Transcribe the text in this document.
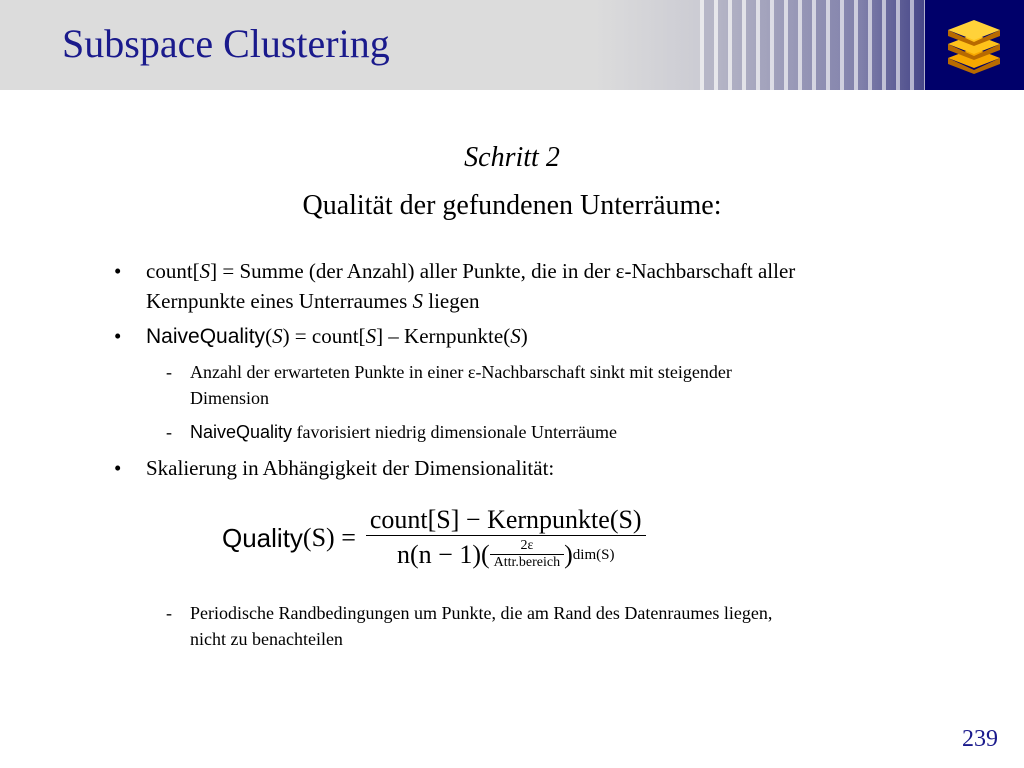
Subspace Clustering

Schritt 2

Qualität der gefundenen Unterräume:

• count[S] = Summe (der Anzahl) aller Punkte, die in der ε-Nachbarschaft aller
Kernpunkte eines Unterraumes S liegen
• NaiveQuality(S) = count[S] – Kernpunkte(S)
- Anzahl der erwarteten Punkte in einer ε-Nachbarschaft sinkt mit steigender
Dimension
- NaiveQuality favorisiert niedrig dimensionale Unterräume
• Skalierung in Abhängigkeit der Dimensionalität:
Quality (S) =
count[S] − Kernpunkte(S)
$n(n - 1)( \frac{2\varepsilon}{\text{Attr.bereich}}$ ) dim(S)
- Periodische Randbedingungen um Punkte, die am Rand des Datenraumes liegen,
nicht zu benachteilen
239
